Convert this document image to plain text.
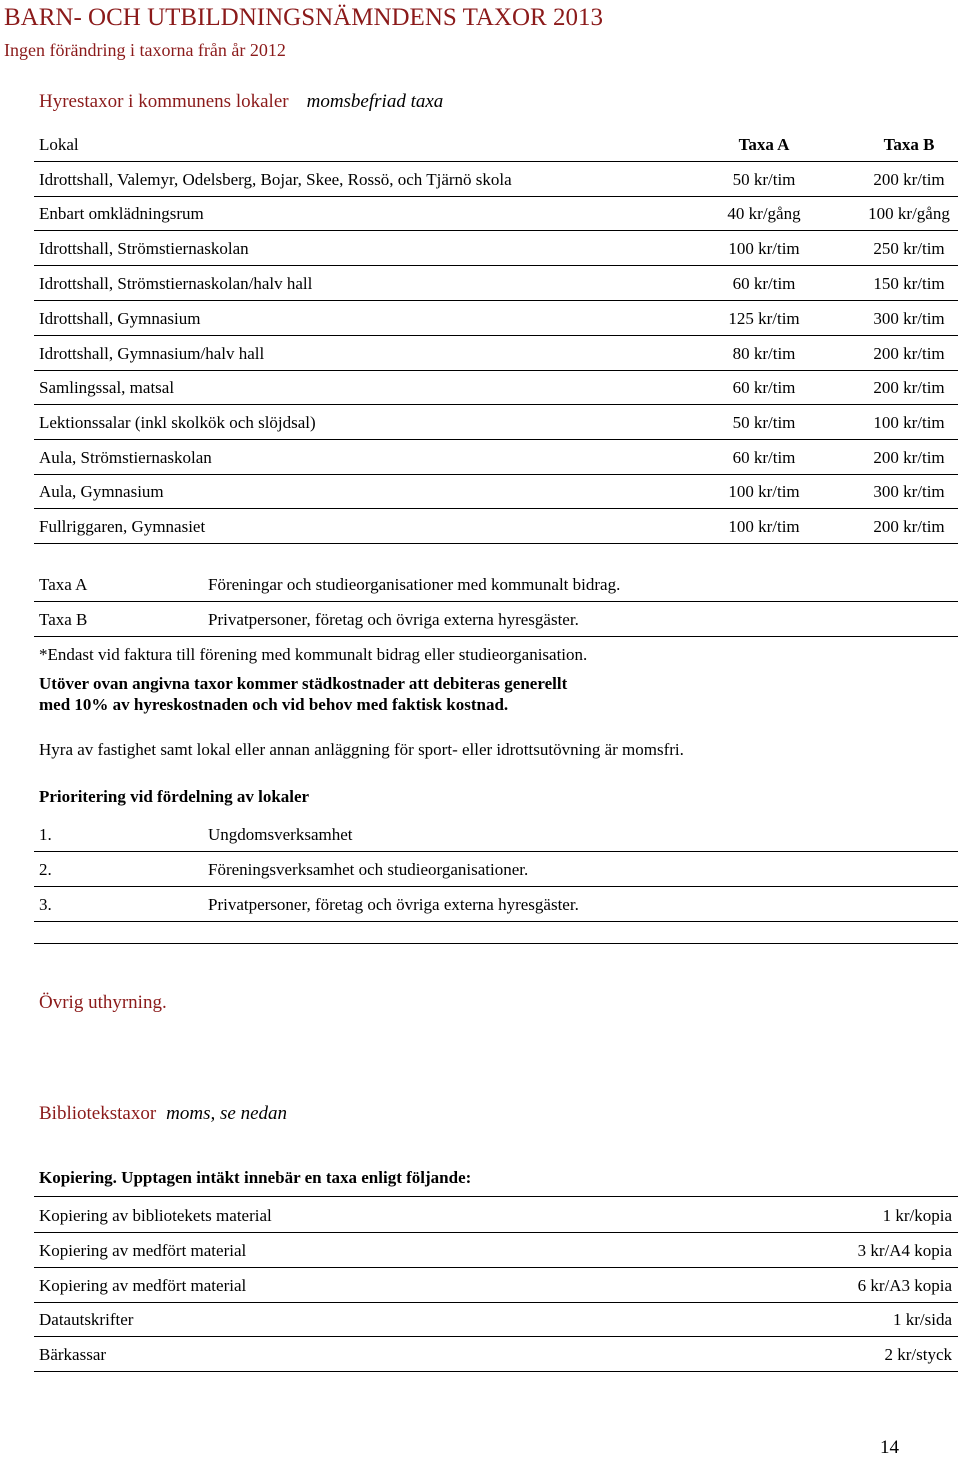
BARN- OCH UTBILDNINGSNÄMNDENS TAXOR 2013
Ingen förändring i taxorna från år 2012
Hyrestaxor i kommunens lokaler momsbefriad taxa
Lokal	Taxa A	Taxa B
Idrottshall, Valemyr, Odelsberg, Bojar, Skee, Rossö, och Tjärnö skola	50 kr/tim	200 kr/tim
Enbart omklädningsrum	40 kr/gång	100 kr/gång
Idrottshall, Strömstiernaskolan	100 kr/tim	250 kr/tim
Idrottshall, Strömstiernaskolan/halv hall	60 kr/tim	150 kr/tim
Idrottshall, Gymnasium	125 kr/tim	300 kr/tim
Idrottshall, Gymnasium/halv hall	80 kr/tim	200 kr/tim
Samlingssal, matsal	60 kr/tim	200 kr/tim
Lektionssalar (inkl skolkök och slöjdsal)	50 kr/tim	100 kr/tim
Aula, Strömstiernaskolan	60 kr/tim	200 kr/tim
Aula, Gymnasium	100 kr/tim	300 kr/tim
Fullriggaren, Gymnasiet	100 kr/tim	200 kr/tim
Taxa A	Föreningar och studieorganisationer med kommunalt bidrag.
Taxa B	Privatpersoner, företag och övriga externa hyresgäster.
*Endast vid faktura till förening med kommunalt bidrag eller studieorganisation.
Utöver ovan angivna taxor kommer städkostnader att debiteras generellt
med 10% av hyreskostnaden och vid behov med faktisk kostnad.
Hyra av fastighet samt lokal eller annan anläggning för sport- eller idrottsutövning är momsfri.
Prioritering vid fördelning av lokaler
1.	Ungdomsverksamhet
2.	Föreningsverksamhet och studieorganisationer.
3.	Privatpersoner, företag och övriga externa hyresgäster.
Övrig uthyrning.
Bibliotekstaxor moms, se nedan
Kopiering. Upptagen intäkt innebär en taxa enligt följande:
Kopiering av bibliotekets material	1 kr/kopia
Kopiering av medfört material	3 kr/A4 kopia
Kopiering av medfört material	6 kr/A3 kopia
Datautskrifter	1 kr/sida
Bärkassar	2 kr/styck
14
